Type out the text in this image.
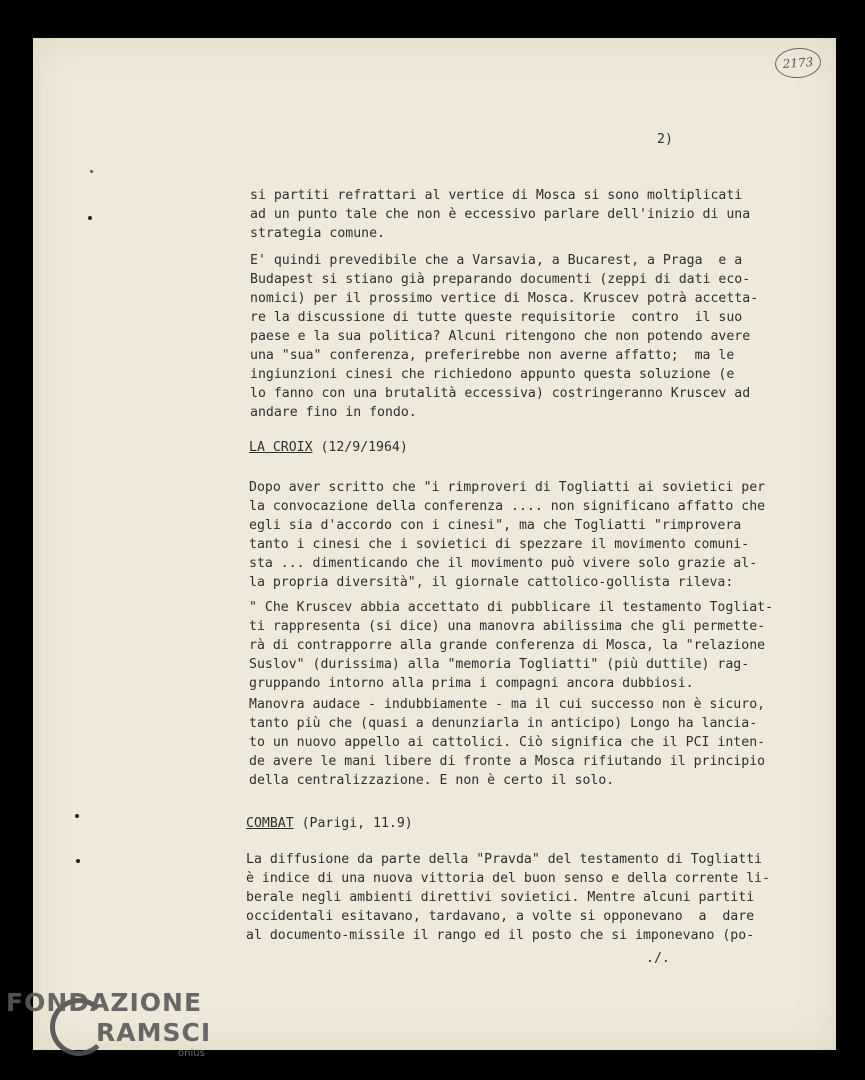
2173
2)
si partiti refrattari al vertice di Mosca si sono moltiplicati
ad un punto tale che non è eccessivo parlare dell'inizio di una
strategia comune.
E' quindi prevedibile che a Varsavia, a Bucarest, a Praga  e a
Budapest si stiano già preparando documenti (zeppi di dati eco-
nomici) per il prossimo vertice di Mosca. Kruscev potrà accetta-
re la discussione di tutte queste requisitorie  contro  il suo
paese e la sua politica? Alcuni ritengono che non potendo avere
una "sua" conferenza, preferirebbe non averne affatto;  ma le
ingiunzioni cinesi che richiedono appunto questa soluzione (e
lo fanno con una brutalità eccessiva) costringeranno Kruscev ad
andare fino in fondo.
LA CROIX (12/9/1964)
Dopo aver scritto che "i rimproveri di Togliatti ai sovietici per
la convocazione della conferenza .... non significano affatto che
egli sia d'accordo con i cinesi", ma che Togliatti "rimprovera
tanto i cinesi che i sovietici di spezzare il movimento comuni-
sta ... dimenticando che il movimento può vivere solo grazie al-
la propria diversità", il giornale cattolico-gollista rileva:
" Che Kruscev abbia accettato di pubblicare il testamento Togliat-
ti rappresenta (si dice) una manovra abilissima che gli permette-
rà di contrapporre alla grande conferenza di Mosca, la "relazione
Suslov" (durissima) alla "memoria Togliatti" (più duttile) rag-
gruppando intorno alla prima i compagni ancora dubbiosi.
Manovra audace - indubbiamente - ma il cui successo non è sicuro,
tanto più che (quasi a denunziarla in anticipo) Longo ha lancia-
to un nuovo appello ai cattolici. Ciò significa che il PCI inten-
de avere le mani libere di fronte a Mosca rifiutando il principio
della centralizzazione. E non è certo il solo.
COMBAT (Parigi, 11.9)
La diffusione da parte della "Pravda" del testamento di Togliatti
è indice di una nuova vittoria del buon senso e della corrente li-
berale negli ambienti direttivi sovietici. Mentre alcuni partiti
occidentali esitavano, tardavano, a volte si opponevano  a  dare
al documento-missile il rango ed il posto che si imponevano (po-
./.
FONDAZIONE
RAMSCI
onlus
